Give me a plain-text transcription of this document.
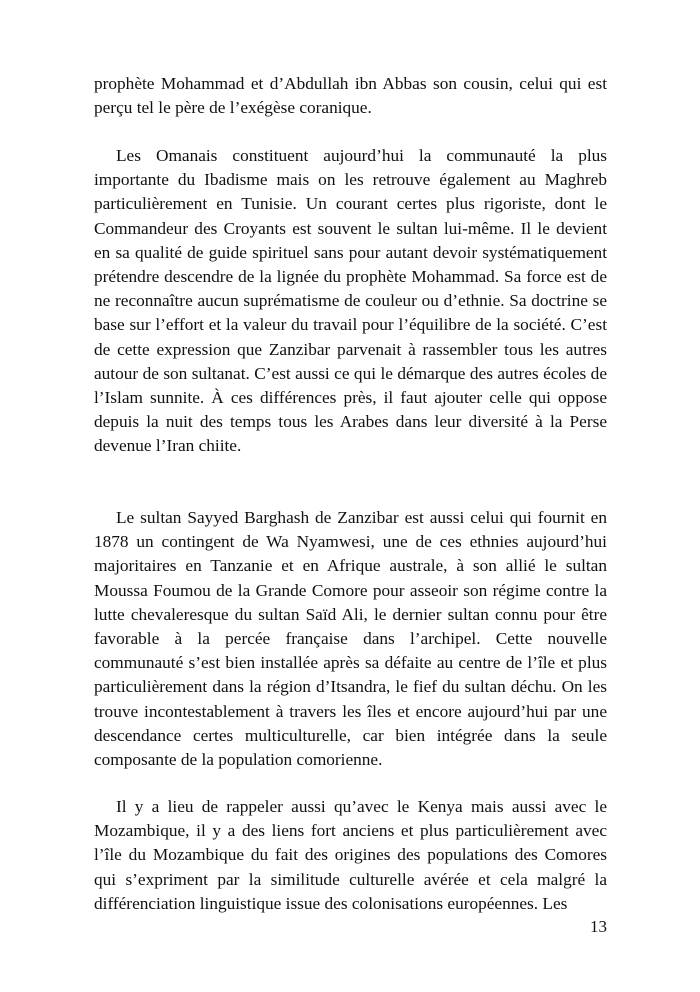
prophète Mohammad et d’Abdullah ibn Abbas son cousin, celui qui est perçu tel le père de l’exégèse coranique.

Les Omanais constituent aujourd’hui la communauté la plus importante du Ibadisme mais on les retrouve également au Maghreb particulièrement en Tunisie. Un courant certes plus rigoriste, dont le Commandeur des Croyants est souvent le sultan lui-même. Il le devient en sa qualité de guide spirituel sans pour autant devoir systématiquement prétendre descendre de la lignée du prophète Mohammad. Sa force est de ne reconnaître aucun suprématisme de couleur ou d’ethnie. Sa doctrine se base sur l’effort et la valeur du travail pour l’équilibre de la société. C’est de cette expression que Zanzibar parvenait à rassembler tous les autres autour de son sultanat. C’est aussi ce qui le démarque des autres écoles de l’Islam sunnite. À ces différences près, il faut ajouter celle qui oppose depuis la nuit des temps tous les Arabes dans leur diversité à la Perse devenue l’Iran chiite.

Le sultan Sayyed Barghash de Zanzibar est aussi celui qui fournit en 1878 un contingent de Wa Nyamwesi, une de ces ethnies aujourd’hui majoritaires en Tanzanie et en Afrique australe, à son allié le sultan Moussa Foumou de la Grande Comore pour asseoir son régime contre la lutte chevaleresque du sultan Saïd Ali, le dernier sultan connu pour être favorable à la percée française dans l’archipel. Cette nouvelle communauté s’est bien installée après sa défaite au centre de l’île et plus particulièrement dans la région d’Itsandra, le fief du sultan déchu. On les trouve incontestablement à travers les îles et encore aujourd’hui par une descendance certes multiculturelle, car bien intégrée dans la seule composante de la population comorienne.

Il y a lieu de rappeler aussi qu’avec le Kenya mais aussi avec le Mozambique, il y a des liens fort anciens et plus particulièrement avec l’île du Mozambique du fait des origines des populations des Comores qui s’expriment par la similitude culturelle avérée et cela malgré la différenciation linguistique issue des colonisations européennes. Les

13
